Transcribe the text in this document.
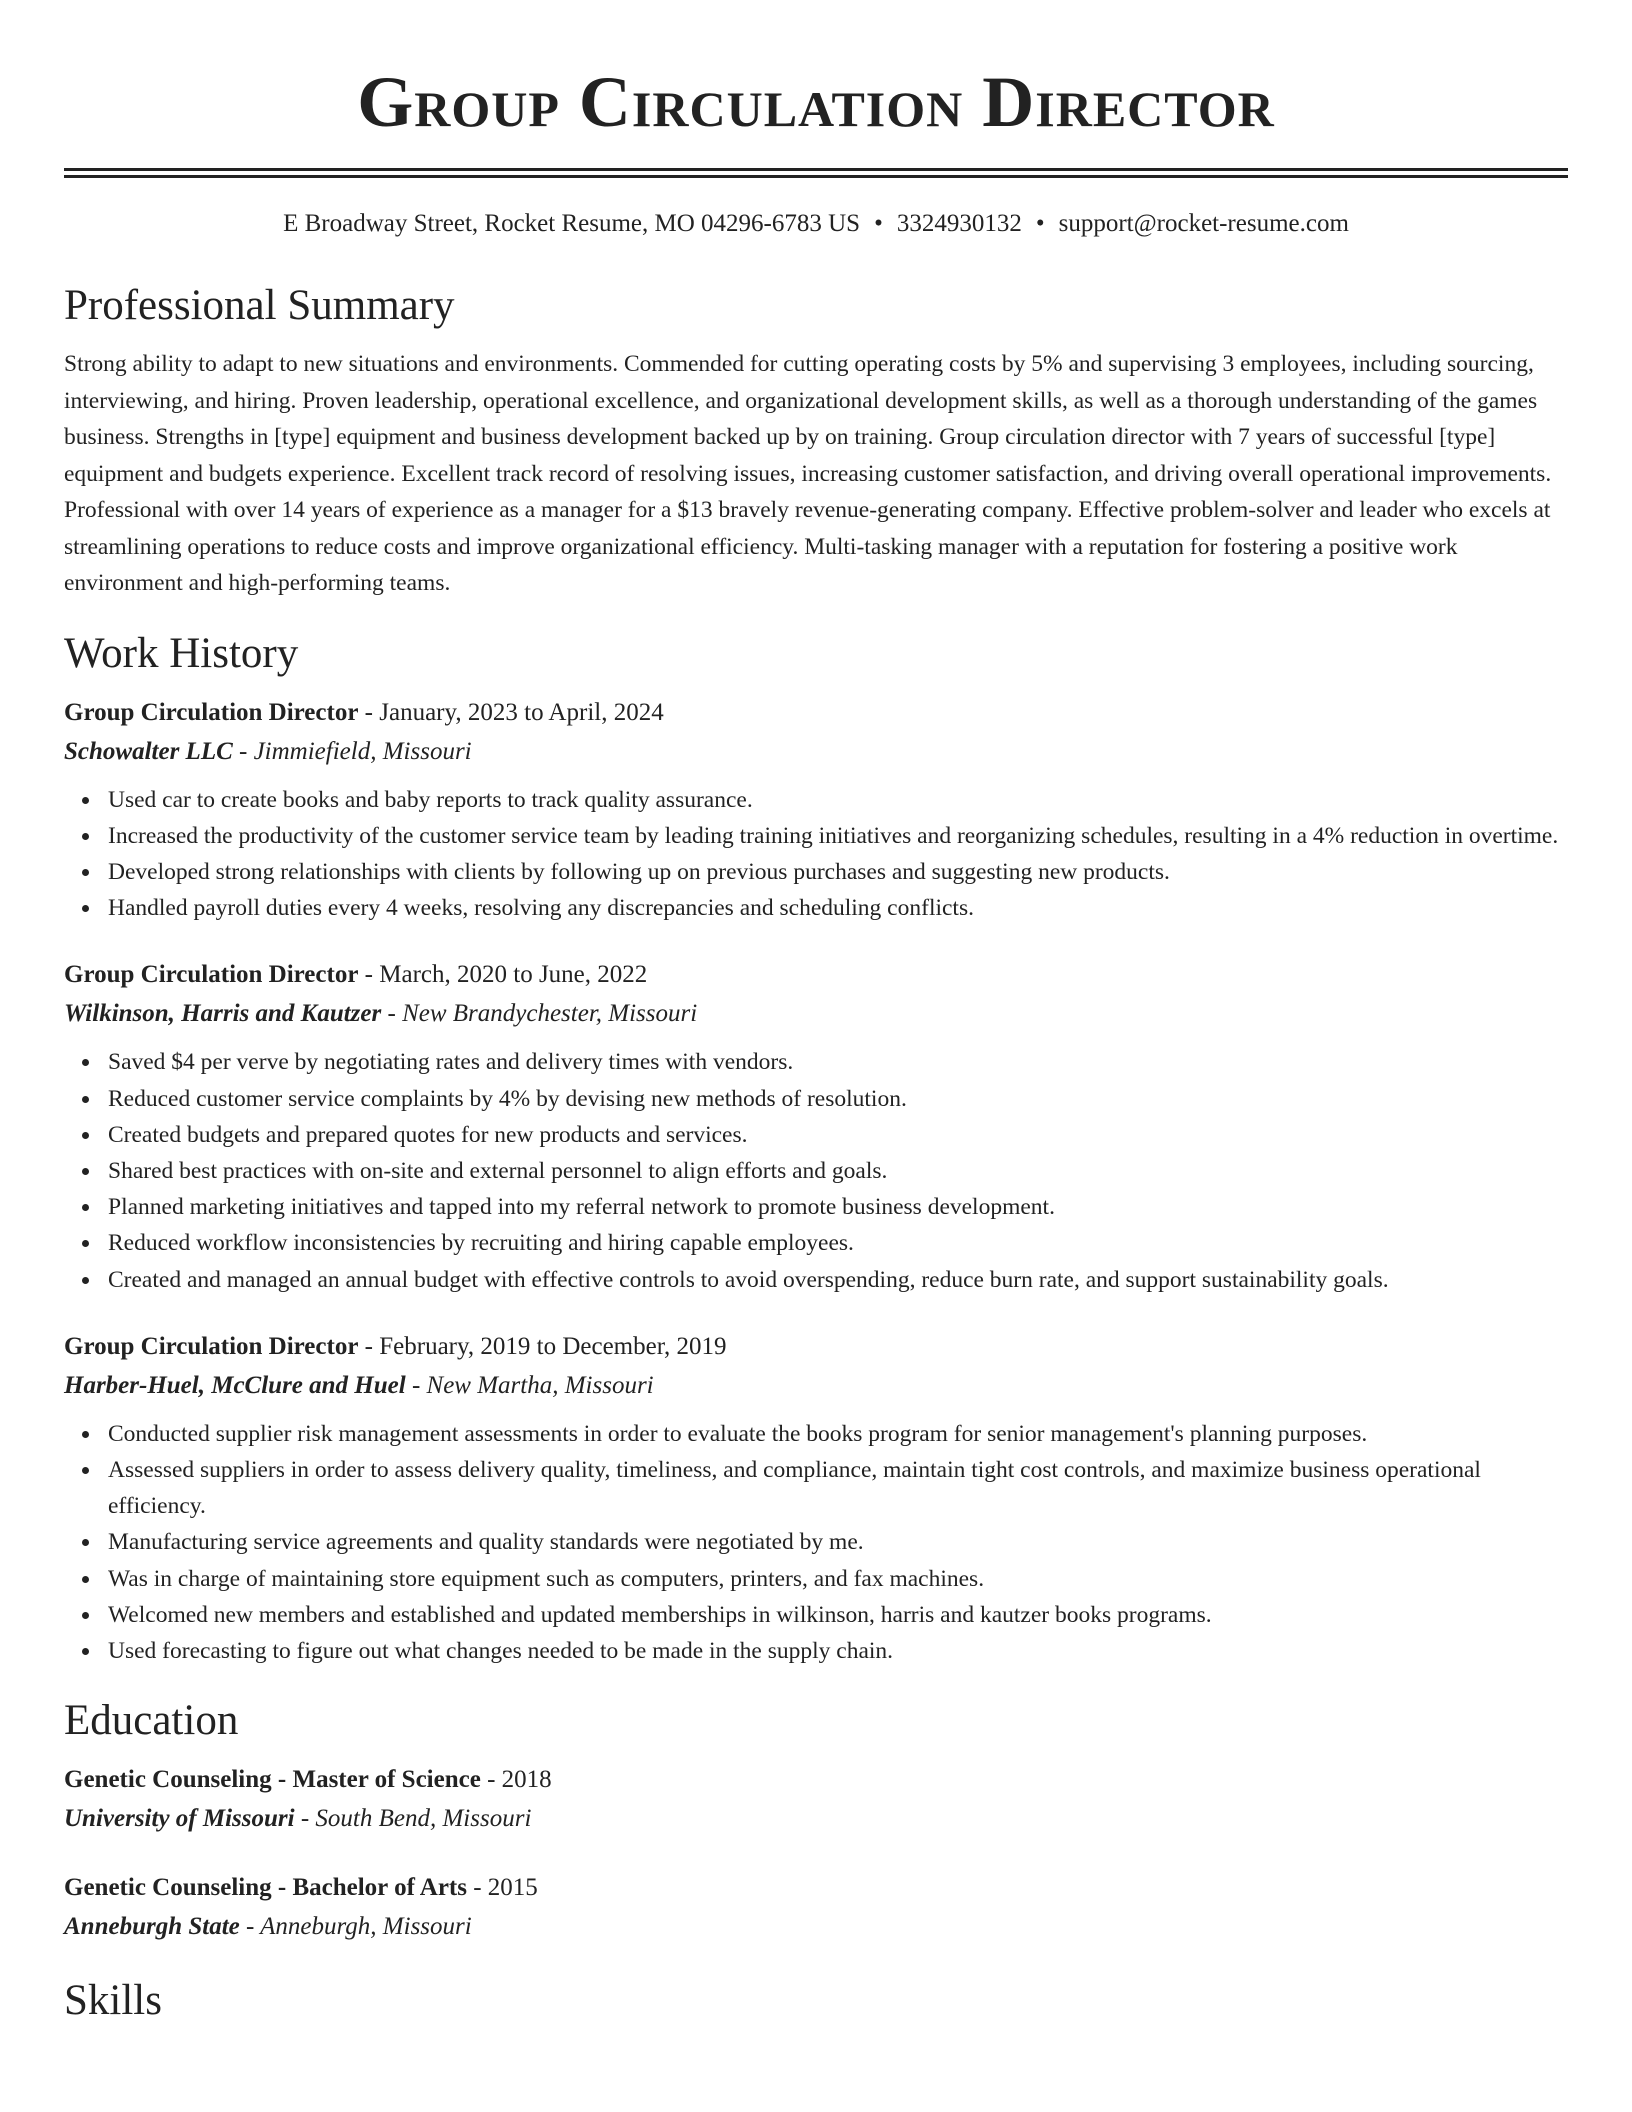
Group Circulation Director
E Broadway Street, Rocket Resume, MO 04296-6783 US • 3324930132 • support@rocket-resume.com
Professional Summary
Strong ability to adapt to new situations and environments. Commended for cutting operating costs by 5% and supervising 3 employees, including sourcing, interviewing, and hiring. Proven leadership, operational excellence, and organizational development skills, as well as a thorough understanding of the games business. Strengths in [type] equipment and business development backed up by on training. Group circulation director with 7 years of successful [type] equipment and budgets experience. Excellent track record of resolving issues, increasing customer satisfaction, and driving overall operational improvements. Professional with over 14 years of experience as a manager for a $13 bravely revenue-generating company. Effective problem-solver and leader who excels at streamlining operations to reduce costs and improve organizational efficiency. Multi-tasking manager with a reputation for fostering a positive work environment and high-performing teams.
Work History
Group Circulation Director - January, 2023 to April, 2024
Schowalter LLC - Jimmiefield, Missouri
Used car to create books and baby reports to track quality assurance.
Increased the productivity of the customer service team by leading training initiatives and reorganizing schedules, resulting in a 4% reduction in overtime.
Developed strong relationships with clients by following up on previous purchases and suggesting new products.
Handled payroll duties every 4 weeks, resolving any discrepancies and scheduling conflicts.
Group Circulation Director - March, 2020 to June, 2022
Wilkinson, Harris and Kautzer - New Brandychester, Missouri
Saved $4 per verve by negotiating rates and delivery times with vendors.
Reduced customer service complaints by 4% by devising new methods of resolution.
Created budgets and prepared quotes for new products and services.
Shared best practices with on-site and external personnel to align efforts and goals.
Planned marketing initiatives and tapped into my referral network to promote business development.
Reduced workflow inconsistencies by recruiting and hiring capable employees.
Created and managed an annual budget with effective controls to avoid overspending, reduce burn rate, and support sustainability goals.
Group Circulation Director - February, 2019 to December, 2019
Harber-Huel, McClure and Huel - New Martha, Missouri
Conducted supplier risk management assessments in order to evaluate the books program for senior management's planning purposes.
Assessed suppliers in order to assess delivery quality, timeliness, and compliance, maintain tight cost controls, and maximize business operational efficiency.
Manufacturing service agreements and quality standards were negotiated by me.
Was in charge of maintaining store equipment such as computers, printers, and fax machines.
Welcomed new members and established and updated memberships in wilkinson, harris and kautzer books programs.
Used forecasting to figure out what changes needed to be made in the supply chain.
Education
Genetic Counseling - Master of Science - 2018
University of Missouri - South Bend, Missouri
Genetic Counseling - Bachelor of Arts - 2015
Anneburgh State - Anneburgh, Missouri
Skills
